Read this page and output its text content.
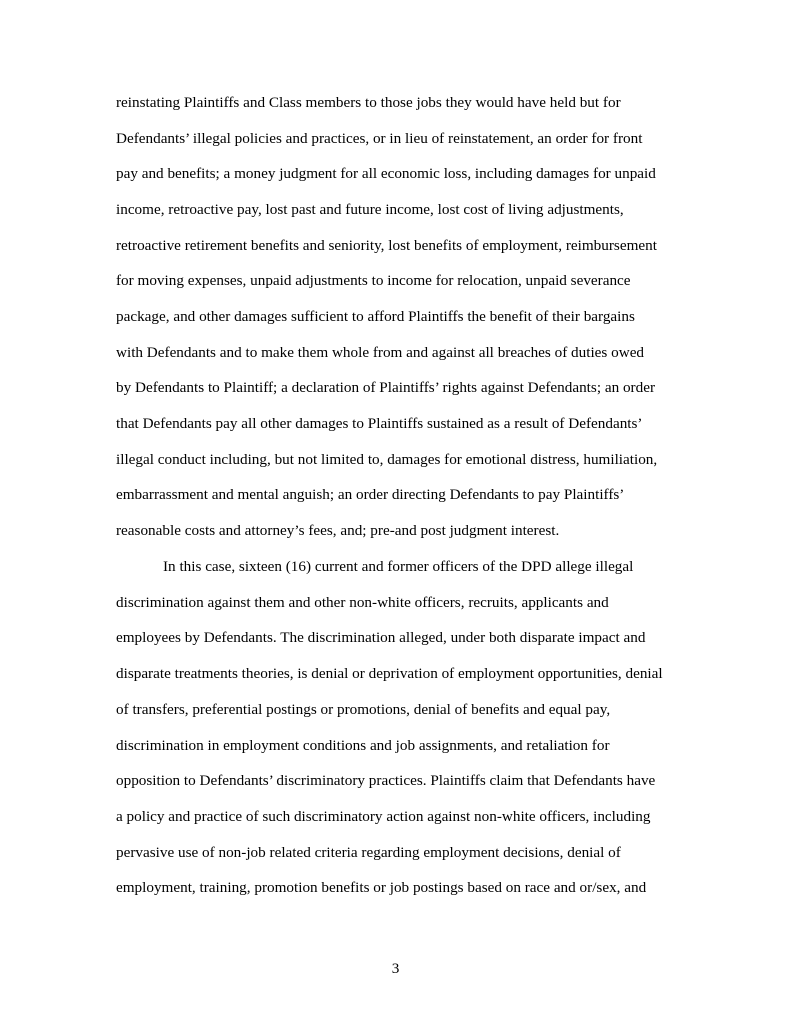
reinstating Plaintiffs and Class members to those jobs they would have held but for
Defendants’ illegal policies and practices, or in lieu of reinstatement, an order for front
pay and benefits; a money judgment for all economic loss, including damages for unpaid
income, retroactive pay, lost past and future income, lost cost of living adjustments,
retroactive retirement benefits and seniority, lost benefits of employment, reimbursement
for moving expenses, unpaid adjustments to income for relocation, unpaid severance
package, and other damages sufficient to afford Plaintiffs the benefit of their bargains
with Defendants and to make them whole from and against all breaches of duties owed
by Defendants to Plaintiff; a declaration of Plaintiffs’ rights against Defendants; an order
that Defendants pay all other damages to Plaintiffs sustained as a result of Defendants’
illegal conduct including, but not limited to, damages for emotional distress, humiliation,
embarrassment and mental anguish; an order directing Defendants to pay Plaintiffs’
reasonable costs and attorney’s fees, and; pre-and post judgment interest.
In this case, sixteen (16) current and former officers of the DPD allege illegal
discrimination against them and other non-white officers, recruits, applicants and
employees by Defendants. The discrimination alleged, under both disparate impact and
disparate treatments theories, is denial or deprivation of employment opportunities, denial
of transfers, preferential postings or promotions, denial of benefits and equal pay,
discrimination in employment conditions and job assignments, and retaliation for
opposition to Defendants’ discriminatory practices. Plaintiffs claim that Defendants have
a policy and practice of such discriminatory action against non-white officers, including
pervasive use of non-job related criteria regarding employment decisions, denial of
employment, training, promotion benefits or job postings based on race and or/sex, and
3
